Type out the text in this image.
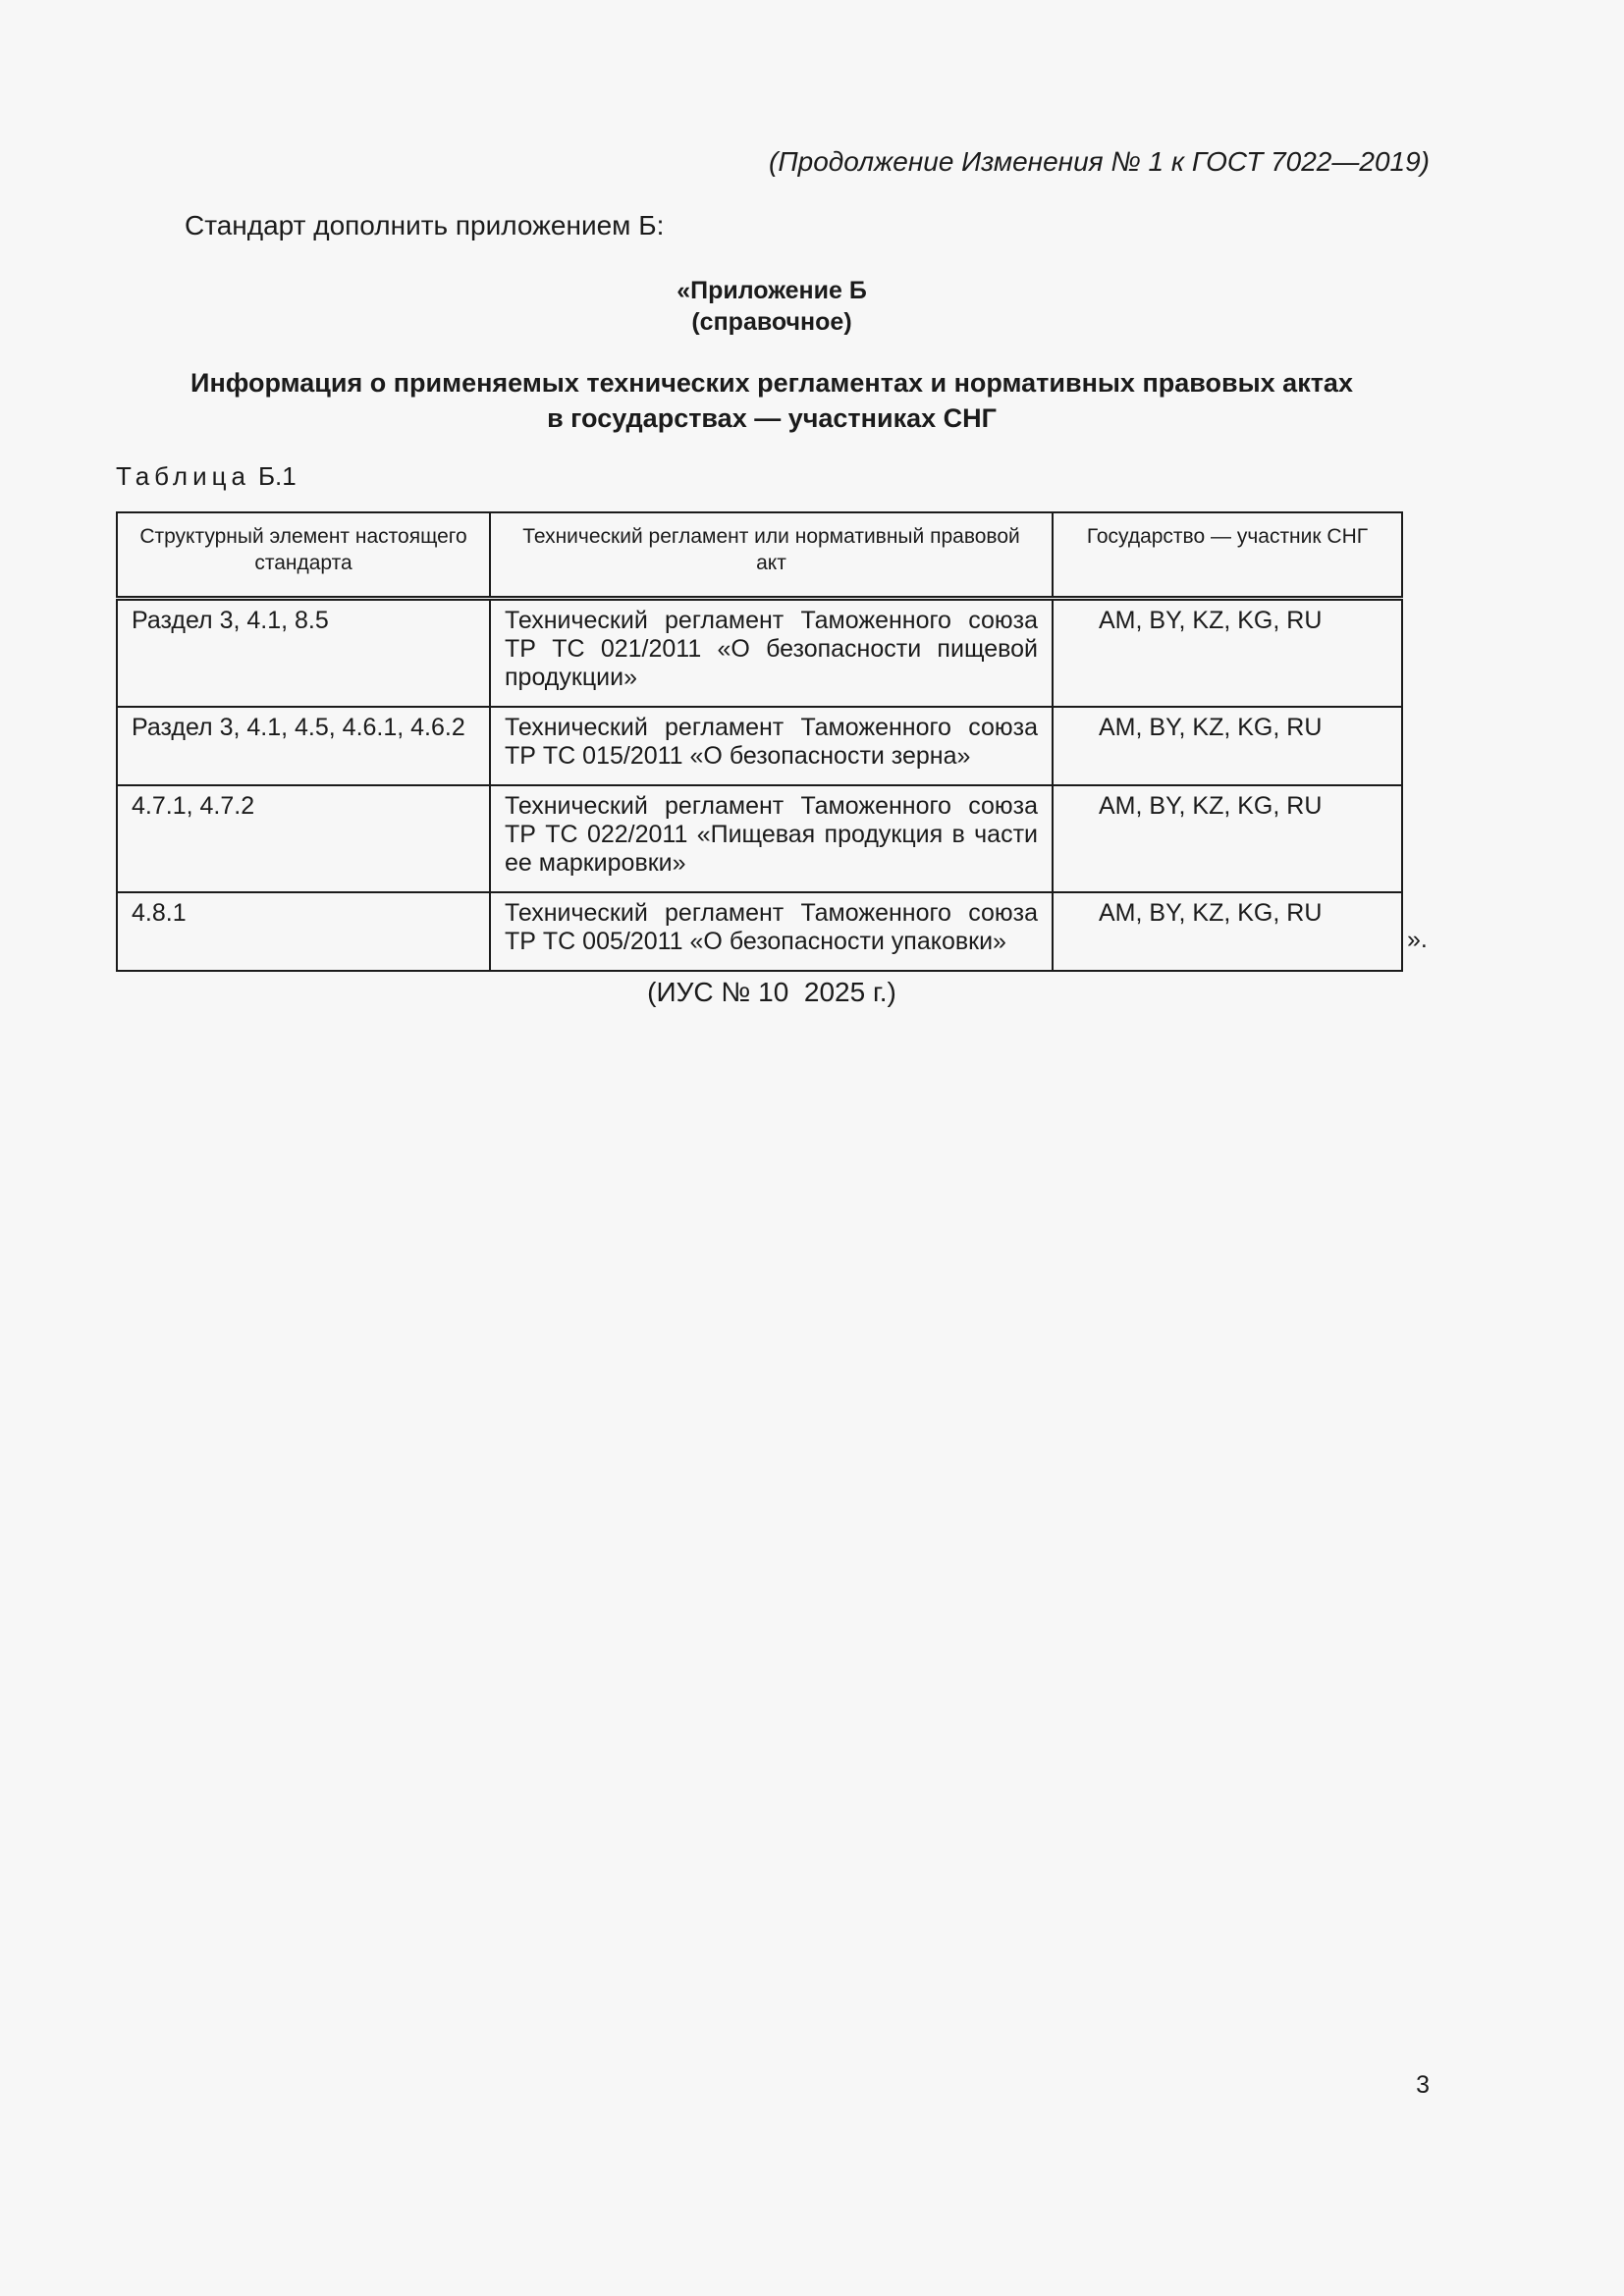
(Продолжение Изменения № 1 к ГОСТ 7022—2019)
Стандарт дополнить приложением Б:
«Приложение Б
(справочное)
Информация о применяемых технических регламентах и нормативных правовых актах
в государствах — участниках СНГ
Таблица Б.1
Структурный элемент настоящего стандарта	Технический регламент или нормативный правовой акт	Государство — участник СНГ
Раздел 3, 4.1, 8.5	Технический регламент Таможенного союза ТР ТС 021/2011 «О безопасности пищевой продукции»	AM, BY, KZ, KG, RU
Раздел 3, 4.1, 4.5, 4.6.1, 4.6.2	Технический регламент Таможенного союза ТР ТС 015/2011 «О безопасности зерна»	AM, BY, KZ, KG, RU
4.7.1, 4.7.2	Технический регламент Таможенного союза ТР ТС 022/2011 «Пищевая продукция в части ее маркировки»	AM, BY, KZ, KG, RU
4.8.1	Технический регламент Таможенного союза ТР ТС 005/2011 «О безопасности упаковки»	AM, BY, KZ, KG, RU
».
(ИУС № 10  2025 г.)
3
